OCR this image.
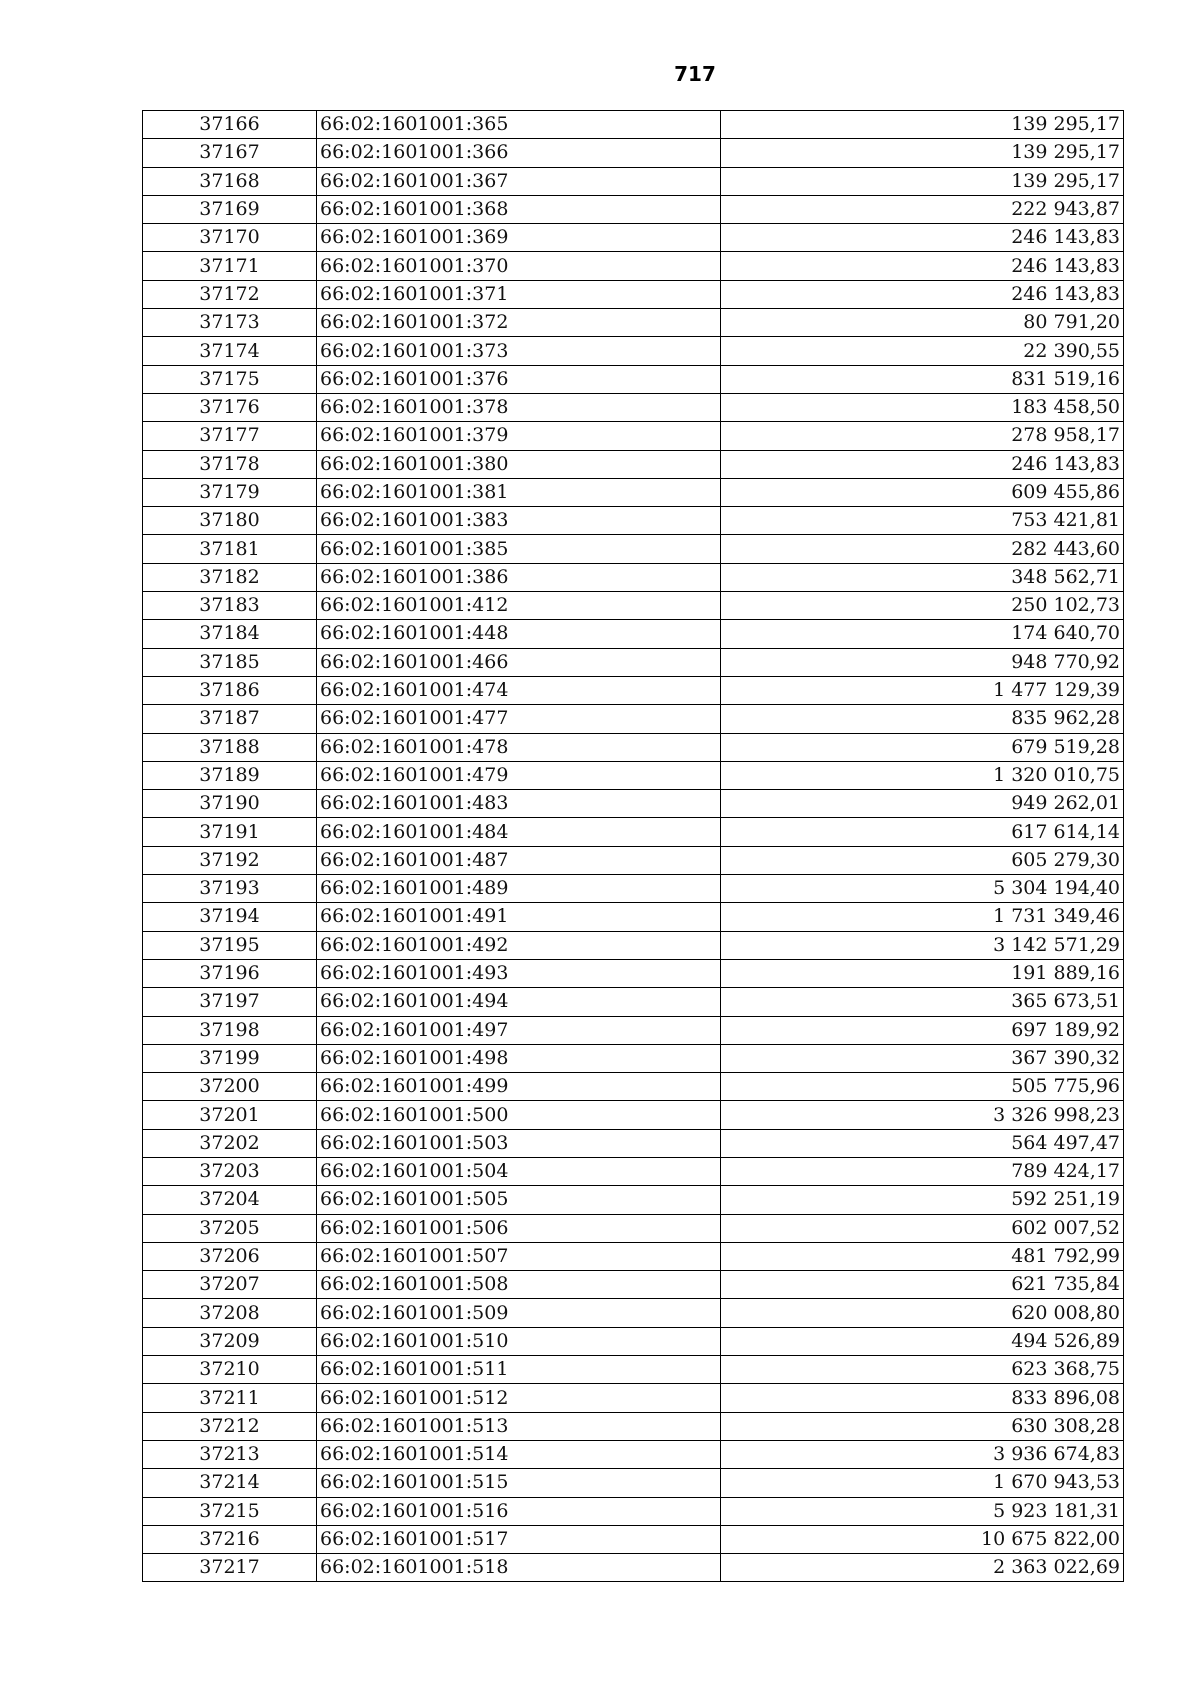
717
37166	66:02:1601001:365	139 295,17
37167	66:02:1601001:366	139 295,17
37168	66:02:1601001:367	139 295,17
37169	66:02:1601001:368	222 943,87
37170	66:02:1601001:369	246 143,83
37171	66:02:1601001:370	246 143,83
37172	66:02:1601001:371	246 143,83
37173	66:02:1601001:372	80 791,20
37174	66:02:1601001:373	22 390,55
37175	66:02:1601001:376	831 519,16
37176	66:02:1601001:378	183 458,50
37177	66:02:1601001:379	278 958,17
37178	66:02:1601001:380	246 143,83
37179	66:02:1601001:381	609 455,86
37180	66:02:1601001:383	753 421,81
37181	66:02:1601001:385	282 443,60
37182	66:02:1601001:386	348 562,71
37183	66:02:1601001:412	250 102,73
37184	66:02:1601001:448	174 640,70
37185	66:02:1601001:466	948 770,92
37186	66:02:1601001:474	1 477 129,39
37187	66:02:1601001:477	835 962,28
37188	66:02:1601001:478	679 519,28
37189	66:02:1601001:479	1 320 010,75
37190	66:02:1601001:483	949 262,01
37191	66:02:1601001:484	617 614,14
37192	66:02:1601001:487	605 279,30
37193	66:02:1601001:489	5 304 194,40
37194	66:02:1601001:491	1 731 349,46
37195	66:02:1601001:492	3 142 571,29
37196	66:02:1601001:493	191 889,16
37197	66:02:1601001:494	365 673,51
37198	66:02:1601001:497	697 189,92
37199	66:02:1601001:498	367 390,32
37200	66:02:1601001:499	505 775,96
37201	66:02:1601001:500	3 326 998,23
37202	66:02:1601001:503	564 497,47
37203	66:02:1601001:504	789 424,17
37204	66:02:1601001:505	592 251,19
37205	66:02:1601001:506	602 007,52
37206	66:02:1601001:507	481 792,99
37207	66:02:1601001:508	621 735,84
37208	66:02:1601001:509	620 008,80
37209	66:02:1601001:510	494 526,89
37210	66:02:1601001:511	623 368,75
37211	66:02:1601001:512	833 896,08
37212	66:02:1601001:513	630 308,28
37213	66:02:1601001:514	3 936 674,83
37214	66:02:1601001:515	1 670 943,53
37215	66:02:1601001:516	5 923 181,31
37216	66:02:1601001:517	10 675 822,00
37217	66:02:1601001:518	2 363 022,69
